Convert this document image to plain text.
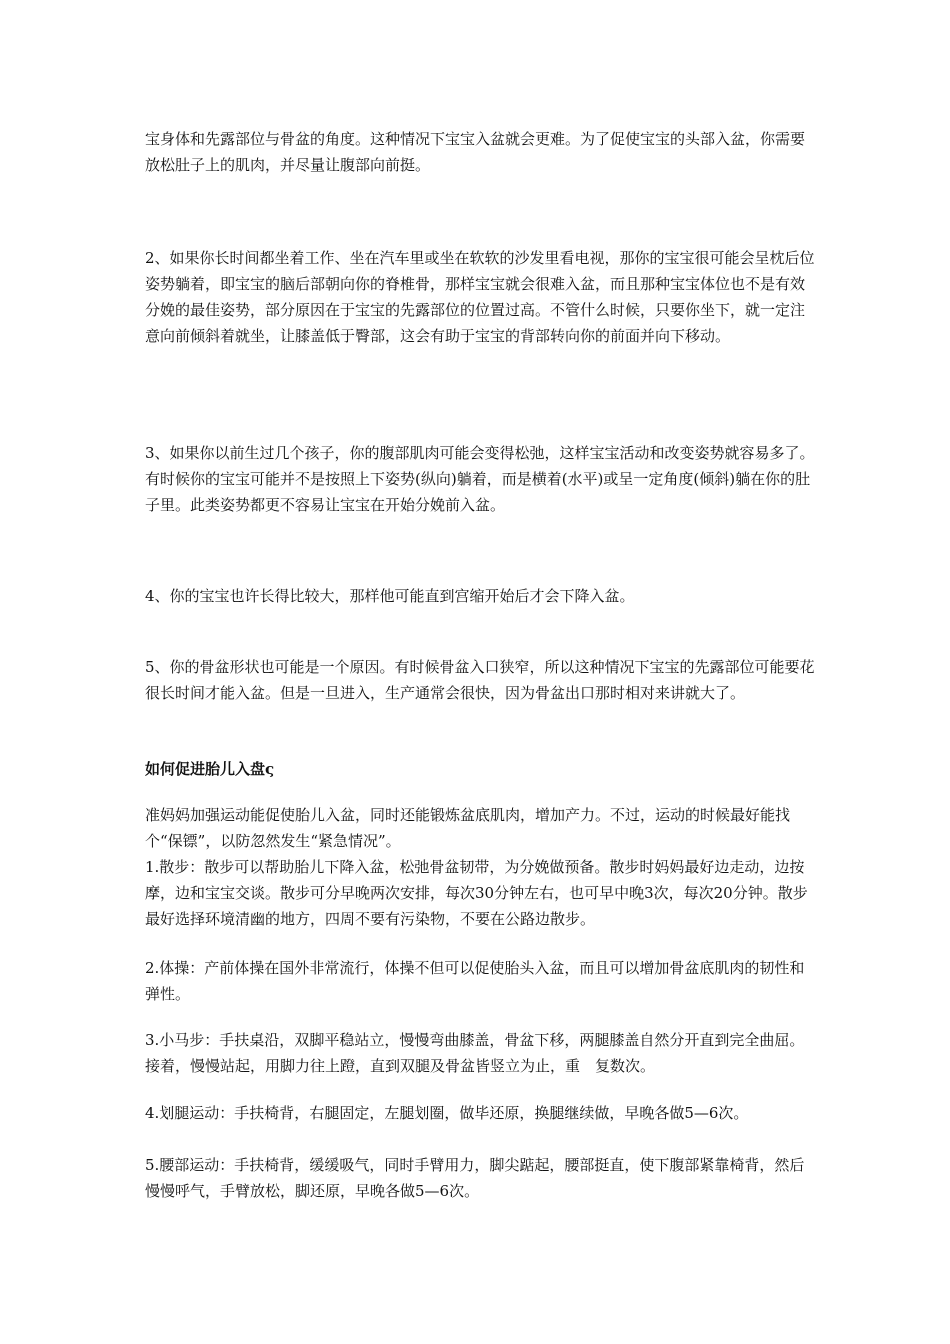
宝身体和先露部位与骨盆的角度。这种情况下宝宝入盆就会更难。为了促使宝宝的头部入盆，你需要放松肚子上的肌肉，并尽量让腹部向前挺。

2、如果你长时间都坐着工作、坐在汽车里或坐在软软的沙发里看电视，那你的宝宝很可能会呈枕后位姿势躺着，即宝宝的脑后部朝向你的脊椎骨，那样宝宝就会很难入盆，而且那种宝宝体位也不是有效分娩的最佳姿势，部分原因在于宝宝的先露部位的位置过高。不管什么时候，只要你坐下，就一定注意向前倾斜着就坐，让膝盖低于臀部，这会有助于宝宝的背部转向你的前面并向下移动。

3、如果你以前生过几个孩子，你的腹部肌肉可能会变得松弛，这样宝宝活动和改变姿势就容易多了。有时候你的宝宝可能并不是按照上下姿势(纵向)躺着，而是横着(水平)或呈一定角度(倾斜)躺在你的肚子里。此类姿势都更不容易让宝宝在开始分娩前入盆。

4、你的宝宝也许长得比较大，那样他可能直到宫缩开始后才会下降入盆。

5、你的骨盆形状也可能是一个原因。有时候骨盆入口狭窄，所以这种情况下宝宝的先露部位可能要花很长时间才能入盆。但是一旦进入，生产通常会很快，因为骨盆出口那时相对来讲就大了。

如何促进胎儿入盘ς

准妈妈加强运动能促使胎儿入盆，同时还能锻炼盆底肌肉，增加产力。不过，运动的时候最好能找个“保镖”，以防忽然发生“紧急情况”。

1.散步：散步可以帮助胎儿下降入盆，松弛骨盆韧带，为分娩做预备。散步时妈妈最好边走动，边按摩，边和宝宝交谈。散步可分早晚两次安排，每次30分钟左右，也可早中晚3次，每次20分钟。散步最好选择环境清幽的地方，四周不要有污染物，不要在公路边散步。

2.体操：产前体操在国外非常流行，体操不但可以促使胎头入盆，而且可以增加骨盆底肌肉的韧性和弹性。

3.小马步：手扶桌沿，双脚平稳站立，慢慢弯曲膝盖，骨盆下移，两腿膝盖自然分开直到完全曲屈。接着，慢慢站起，用脚力往上蹬，直到双腿及骨盆皆竖立为止，重　复数次。

4.划腿运动：手扶椅背，右腿固定，左腿划圈，做毕还原，换腿继续做，早晚各做5—6次。

5.腰部运动：手扶椅背，缓缓吸气，同时手臂用力，脚尖踮起，腰部挺直，使下腹部紧靠椅背，然后慢慢呼气，手臂放松，脚还原，早晚各做5—6次。
